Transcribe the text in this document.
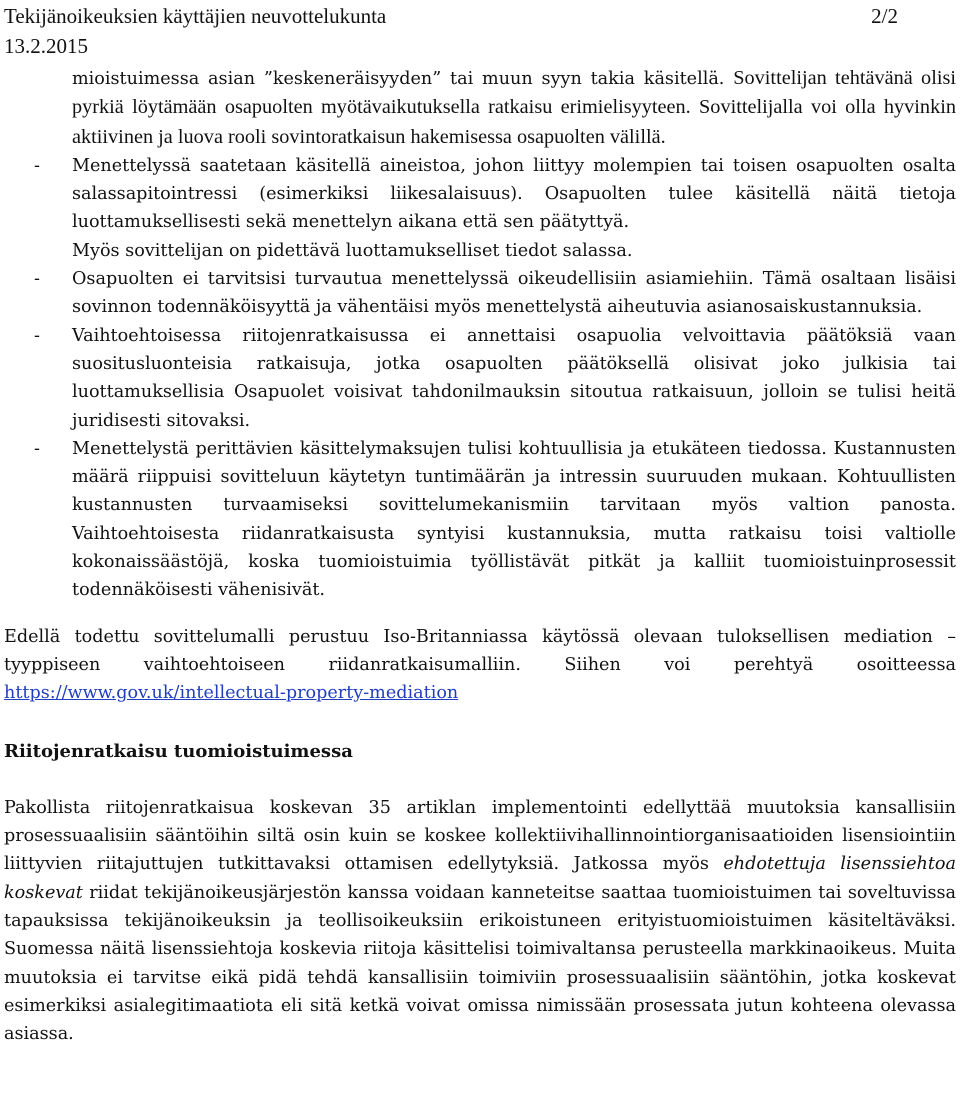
Tekijänoikeuksien käyttäjien neuvottelukunta	2/2
13.2.2015
mioistuimessa asian ”keskeneräisyyden” tai muun syyn takia käsitellä. Sovittelijan tehtävänä olisi pyrkiä löytämään osapuolten myötävaikutuksella ratkaisu erimielisyyteen. Sovittelijalla voi olla hyvinkin aktiivinen ja luova rooli sovintoratkaisun hakemisessa osapuolten välillä.
- Menettelyssä saatetaan käsitellä aineistoa, johon liittyy molempien tai toisen osapuolten osalta salassapitointressi (esimerkiksi liikesalaisuus). Osapuolten tulee käsitellä näitä tietoja luottamuksellisesti sekä menettelyn aikana että sen päätyttyä.
Myös sovittelijan on pidettävä luottamukselliset tiedot salassa.
- Osapuolten ei tarvitsisi turvautua menettelyssä oikeudellisiin asiamiehiin. Tämä osaltaan lisäisi sovinnon todennäköisyyttä ja vähentäisi myös menettelystä aiheutuvia asianosaiskustannuksia.
- Vaihtoehtoisessa riitojenratkaisussa ei annettaisi osapuolia velvoittavia päätöksiä vaan suositusluonteisia ratkaisuja, jotka osapuolten päätöksellä olisivat joko julkisia tai luottamuksellisia Osapuolet voisivat tahdonilmauksin sitoutua ratkaisuun, jolloin se tulisi heitä juridisesti sitovaksi.
- Menettelystä perittävien käsittelymaksujen tulisi kohtuullisia ja etukäteen tiedossa. Kustannusten määrä riippuisi sovitteluun käytetyn tuntimäärän ja intressin suuruuden mukaan. Kohtuullisten kustannusten turvaamiseksi sovittelumekanismiin tarvitaan myös valtion panosta. Vaihtoehtoisesta riidanratkaisusta syntyisi kustannuksia, mutta ratkaisu toisi valtiolle kokonaissäästöjä, koska tuomioistuimia työllistävät pitkät ja kalliit tuomioistuinprosessit todennäköisesti vähenisivät.

Edellä todettu sovittelumalli perustuu Iso-Britanniassa käytössä olevaan tuloksellisen mediation – tyyppiseen vaihtoehtoiseen riidanratkaisumalliin. Siihen voi perehtyä osoitteessa https://www.gov.uk/intellectual-property-mediation

Riitojenratkaisu tuomioistuimessa

Pakollista riitojenratkaisua koskevan 35 artiklan implementointi edellyttää muutoksia kansallisiin prosessuaalisiin sääntöihin siltä osin kuin se koskee kollektiivihallinnointiorganisaatioiden lisensiointiin liittyvien riitajuttujen tutkittavaksi ottamisen edellytyksiä. Jatkossa myös ehdotettuja lisenssiehtoa koskevat riidat tekijänoikeusjärjestön kanssa voidaan kanneteitse saattaa tuomioistuimen tai soveltuvissa tapauksissa tekijänoikeuksin ja teollisoikeuksiin erikoistuneen erityistuomioistuimen käsiteltäväksi. Suomessa näitä lisenssiehtoja koskevia riitoja käsittelisi toimivaltansa perusteella markkinaoikeus. Muita muutoksia ei tarvitse eikä pidä tehdä kansallisiin toimiviin prosessuaalisiin sääntöhin, jotka koskevat esimerkiksi asialegitimaatiota eli sitä ketkä voivat omissa nimissään prosessata jutun kohteena olevassa asiassa.
